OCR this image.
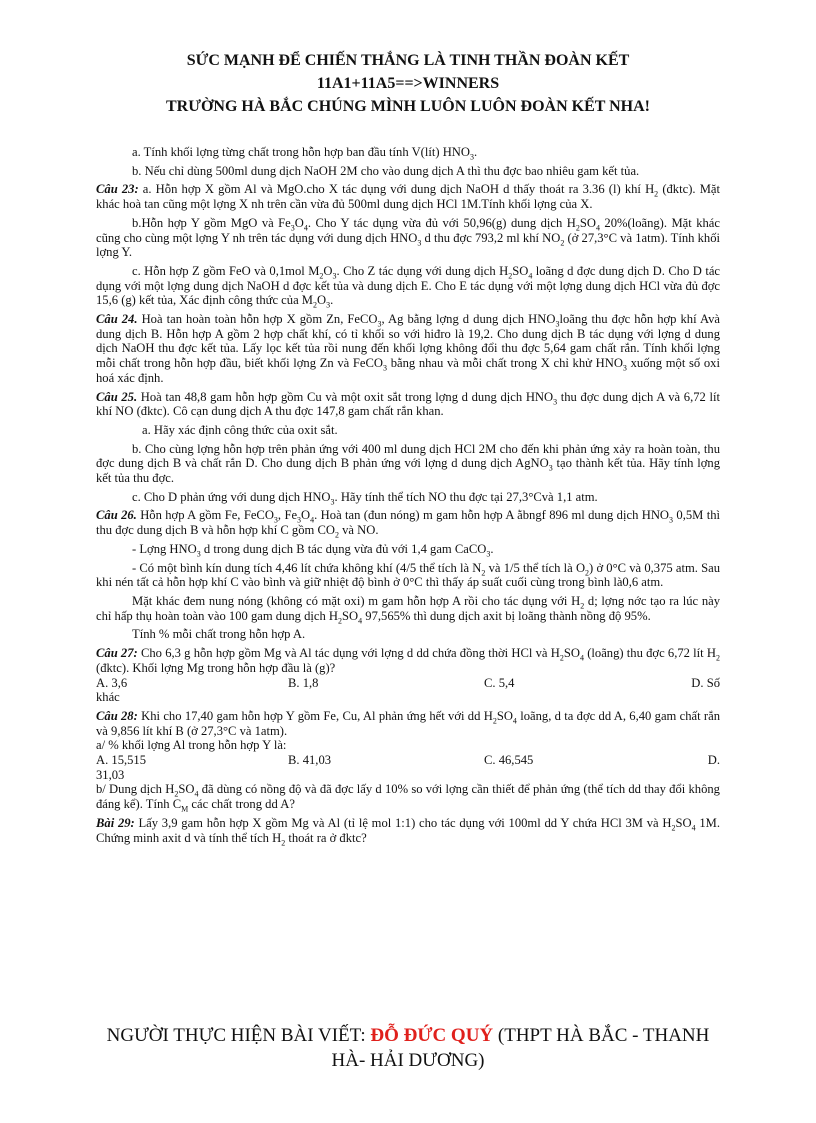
SỨC MẠNH ĐỂ CHIẾN THẮNG LÀ TINH THẦN ĐOÀN KẾT
11A1+11A5==>WINNERS
TRƯỜNG HÀ BẮC CHÚNG MÌNH LUÔN LUÔN ĐOÀN KẾT NHA!

a. Tính khối lợng từng chất trong hỗn hợp ban đầu tính V(lít) $HNO_3$.

b. Nếu chỉ dùng 500ml dung dịch NaOH 2M cho vào dung dịch A thì thu đợc bao nhiêu gam kết tủa.

Câu 23: a. Hỗn hợp X gồm Al và MgO.cho X tác dụng với dung dịch NaOH d thấy thoát ra 3.36 (l) khí $H_2$ (đktc). Mặt khác hoà tan cũng một lợng X nh trên cần vừa đủ 500ml dung dịch HCl 1M.Tính khối lợng của X.

b.Hỗn hợp Y gồm MgO và $Fe_3O_4$. Cho Y tác dụng vừa đủ với 50,96(g) dung dịch $H_2SO_4$ 20%(loãng). Mặt khác cũng cho cùng một lợng Y nh trên tác dụng với dung dịch $HNO_3$ d thu đợc 793,2 ml khí $NO_2$ (ở 27,3°C và 1atm). Tính khối lợng Y.

c. Hỗn hợp Z gồm FeO và 0,1mol $M_2O_3$. Cho Z tác dụng với dung dịch $H_2SO_4$ loãng d đợc dung dịch D. Cho D tác dụng với một lợng dung dịch NaOH d đợc kết tủa và dung dịch E. Cho E tác dụng với một lợng dung dịch HCl vừa đủ đợc 15,6 (g) kết tủa, Xác định công thức của $M_2O_3$.

Câu 24. Hoà tan hoàn toàn hỗn hợp X gồm Zn, FeCO$_3$, Ag bằng lợng d dung dịch $HNO_3loãng$ thu đợc hỗn hợp khí Avà dung dịch B. Hỗn hợp A gồm 2 hợp chất khí, có tỉ khối so với hiđro là 19,2. Cho dung dịch B tác dụng với lợng d dung dịch NaOH thu đợc kết tủa. Lấy lọc kết tủa rồi nung đến khối lợng không đổi thu đợc 5,64 gam chất rắn. Tính khối lợng mỗi chất trong hỗn hợp đầu, biết khối lợng Zn và FeCO$_3$ bằng nhau và mỗi chất trong X chỉ khử $HNO_3$ xuống một số oxi hoá xác định.

Câu 25. Hoà tan 48,8 gam hỗn hợp gồm Cu và một oxit sắt trong lợng d dung dịch $HNO_3$ thu đợc dung dịch A và 6,72 lít khí NO (đktc). Cô cạn dung dịch A thu đợc 147,8 gam chất rắn khan.

a. Hãy xác định công thức của oxit sắt.

b. Cho cùng lợng hỗn hợp trên phản ứng với 400 ml dung dịch HCl 2M cho đến khi phản ứng xảy ra hoàn toàn, thu đợc dung dịch B và chất rắn D. Cho dung dịch B phản ứng với lợng d dung dịch AgNO$_3$ tạo thành kết tủa. Hãy tính lợng kết tủa thu đợc.

c. Cho D phản ứng với dung dịch $HNO_3$. Hãy tính thể tích NO thu đợc tại 27,3°Cvà 1,1 atm.

Câu 26. Hỗn hợp A gồm Fe, FeCO$_3$, $Fe_3O_4$. Hoà tan (đun nóng) m gam hỗn hợp A ằbngf 896 ml dung dịch $HNO_3$ 0,5M thì thu đợc dung dịch B và hỗn hợp khí C gồm $CO_2$ và NO.

- Lợng $HNO_3$ d trong dung dịch B tác dụng vừa đủ với 1,4 gam CaCO$_3$.

- Có một bình kín dung tích 4,46 lít chứa không khí (4/5 thể tích là $N_2$ và 1/5 thể tích là $O_2$) ở 0°C và 0,375 atm. Sau khi nén tất cả hỗn hợp khí C vào bình và giữ nhiệt độ bình ở 0°C thì thấy áp suất cuối cùng trong bình là0,6 atm.

Mặt khác đem nung nóng (không có mặt oxi) m gam hỗn hợp A rồi cho tác dụng với $H_2$ d; lợng nớc tạo ra lúc này chỉ hấp thụ hoàn toàn vào 100 gam dung dịch $H_2SO_4$ 97,565% thì dung dịch axit bị loãng thành nồng độ 95%.

Tính % mỗi chất trong hỗn hợp A.

Câu 27: Cho 6,3 g hỗn hợp gồm Mg và Al tác dụng với lợng d dd chứa đồng thời HCl và $H_2SO_4$ (loãng) thu đợc 6,72 lít $H_2$ (đktc). Khối lợng Mg trong hỗn hợp đầu là (g)?

A. 3,6	B. 1,8	C. 5,4	D. Số

khác

Câu 28: Khi cho 17,40 gam hỗn hợp Y gồm Fe, Cu, Al phản ứng hết với dd $H_2SO_4$ loãng, d ta đợc dd A, 6,40 gam chất rắn và 9,856 lít khí B (ở 27,3°C và 1atm).

a/ % khối lợng Al trong hỗn hợp Y là:

A. 15,515	B. 41,03	C. 46,545	D.

31,03

b/ Dung dịch $H_2SO_4$ đã dùng có nồng độ và đã đợc lấy d 10% so với lợng cần thiết để phản ứng (thể tích dd thay đổi không đáng kể). Tính $C_M$ các chất trong dd A?

Bài 29: Lấy 3,9 gam hỗn hợp X gồm Mg và Al (tỉ lệ mol 1:1) cho tác dụng với 100ml dd Y chứa HCl 3M và $H_2SO_4$ 1M. Chứng minh axit d và tính thể tích $H_2$ thoát ra ở đktc?

NGƯỜI THỰC HIỆN BÀI VIẾT: ĐỖ ĐỨC QUÝ (THPT HÀ BẮC - THANH HÀ- HẢI DƯƠNG)
